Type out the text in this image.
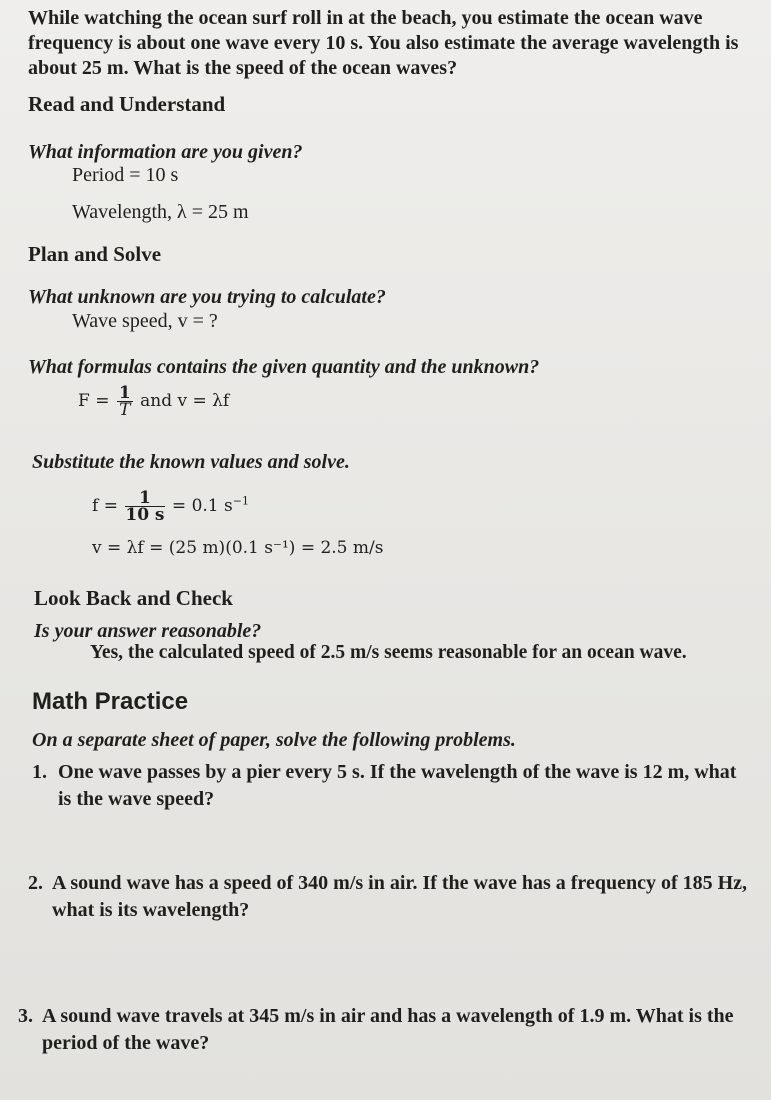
While watching the ocean surf roll in at the beach, you estimate the ocean wave frequency is about one wave every 10 s. You also estimate the average wavelength is about 25 m. What is the speed of the ocean waves?
Read and Understand
What information are you given?
Period = 10 s
Wavelength, λ = 25 m
Plan and Solve
What unknown are you trying to calculate?
Wave speed, v = ?
What formulas contains the given quantity and the unknown?
$F = \frac{1}{T}$ and v = λf
Substitute the known values and solve.
$f = \frac{1}{10 s} = 0.1$ $s^{-1}$
v = λf = (25 m)(0.1 s⁻¹) = 2.5 m/s
Look Back and Check
Is your answer reasonable?
Yes, the calculated speed of 2.5 m/s seems reasonable for an ocean wave.
Math Practice
On a separate sheet of paper, solve the following problems.
1. One wave passes by a pier every 5 s. If the wavelength of the wave is 12 m, what is the wave speed?
2. A sound wave has a speed of 340 m/s in air. If the wave has a frequency of 185 Hz, what is its wavelength?
3. A sound wave travels at 345 m/s in air and has a wavelength of 1.9 m. What is the period of the wave?
